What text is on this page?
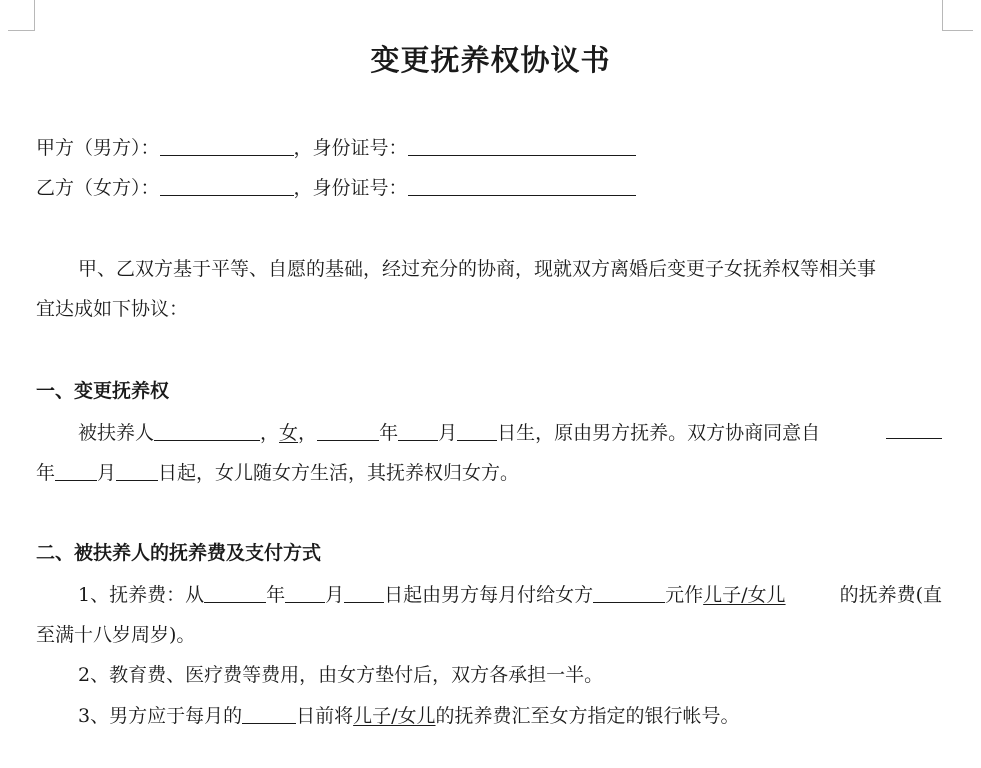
变更抚养权协议书
甲方（男方）：	，身份证号：
乙方（女方）：	，身份证号：
甲、乙双方基于平等、自愿的基础，经过充分的协商，现就双方离婚后变更子女抚养权等相关事
宜达成如下协议：
一、变更抚养权
被扶养人	，女，	年 月 日生，原由男方抚养。双方协商同意自
年 月 日起，女儿随女方生活，其抚养权归女方。
二、被扶养人的抚养费及支付方式
1、抚养费：从	年 月 日起由男方每月付给女方	元作儿子/女儿	的抚养费(直
至满十八岁周岁)。
2、教育费、医疗费等费用，由女方垫付后，双方各承担一半。
3、男方应于每月的	日前将儿子/女儿的抚养费汇至女方指定的银行帐号。
